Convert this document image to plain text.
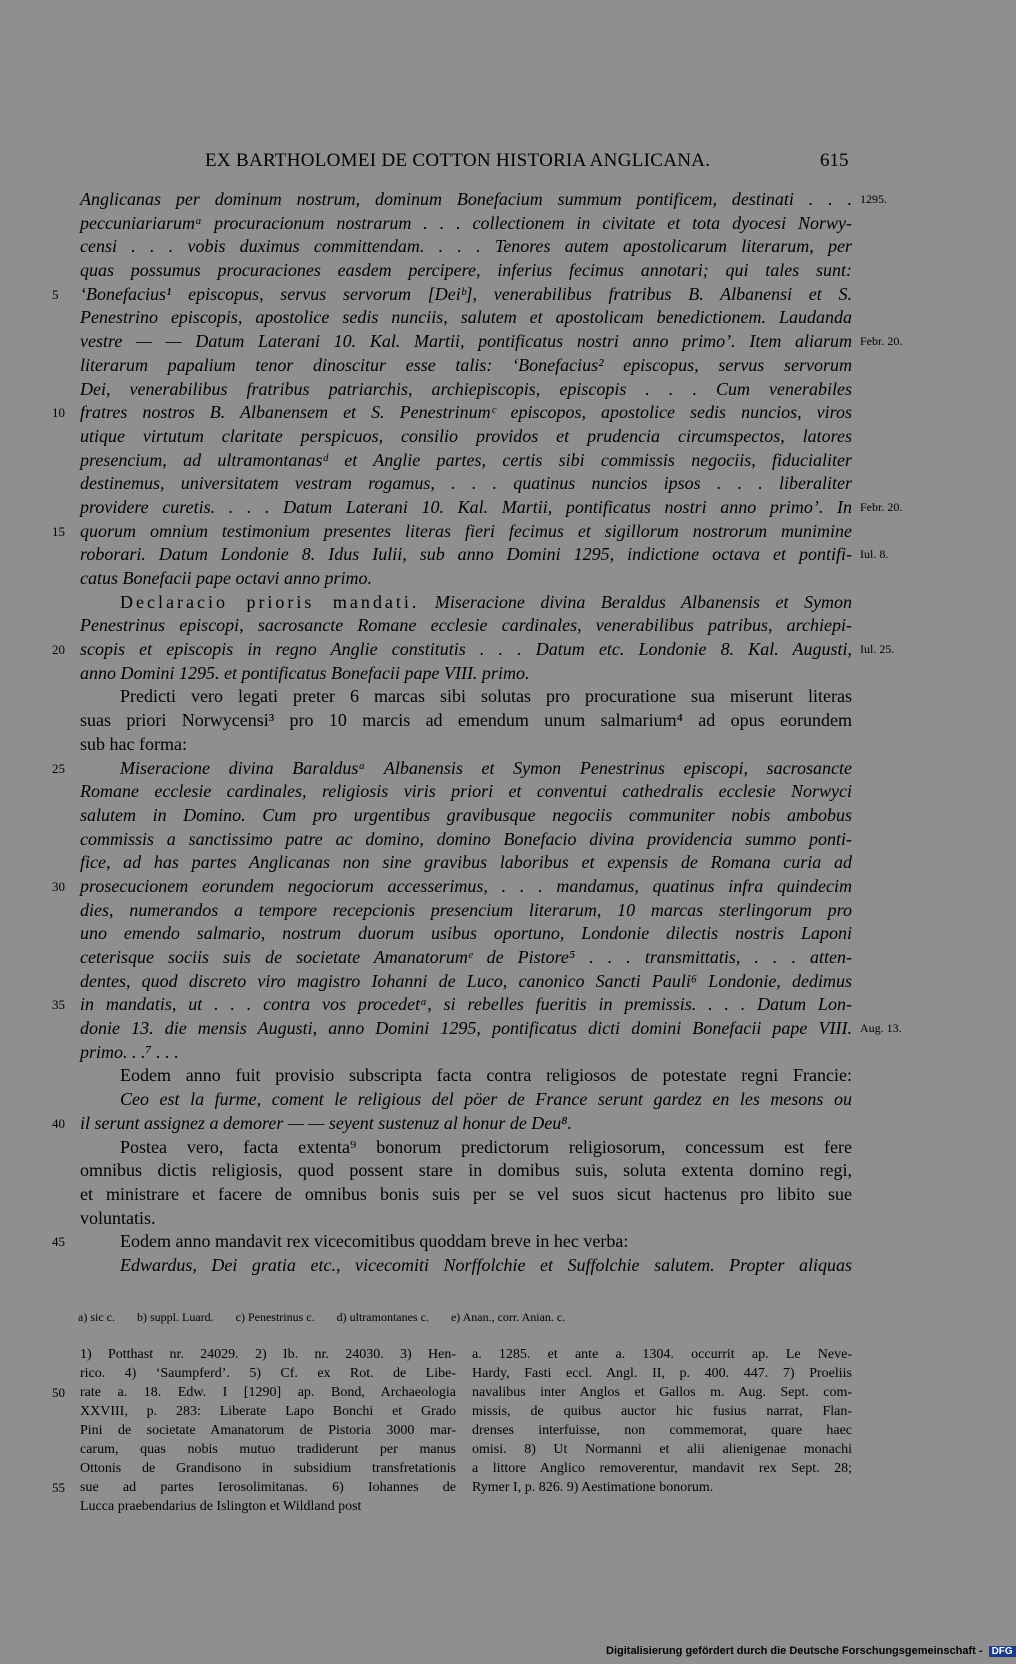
EX BARTHOLOMEI DE COTTON HISTORIA ANGLICANA.	615
Anglicanas per dominum nostrum, dominum Bonefacium summum pontificem, destinati . . . 1295.
peccuniariarumᵃ procuracionum nostrarum . . . collectionem in civitate et tota dyocesi Norwy-
censi . . . vobis duximus committendam. . . . Tenores autem apostolicarum literarum, per
quas possumus procuraciones easdem percipere, inferius fecimus annotari; qui tales sunt:
5	‘Bonefacius¹ episcopus, servus servorum [Deiᵇ], venerabilibus fratribus B. Albanensi et S.
Penestrino episcopis, apostolice sedis nunciis, salutem et apostolicam benedictionem. Laudanda
vestre — — Datum Laterani 10. Kal. Martii, pontificatus nostri anno primo’. Item aliarum Febr. 20.
literarum papalium tenor dinoscitur esse talis: ‘Bonefacius² episcopus, servus servorum
Dei, venerabilibus fratribus patriarchis, archiepiscopis, episcopis . . . Cum venerabiles
10 fratres nostros B. Albanensem et S. Penestrinumᶜ episcopos, apostolice sedis nuncios, viros
utique virtutum claritate perspicuos, consilio providos et prudencia circumspectos, latores
presencium, ad ultramontanasᵈ et Anglie partes, certis sibi commissis negociis, fiducialiter
destinemus, universitatem vestram rogamus, . . . quatinus nuncios ipsos . . . liberaliter
providere curetis. . . . Datum Laterani 10. Kal. Martii, pontificatus nostri anno primo’. In Febr. 20.
15 quorum omnium testimonium presentes literas fieri fecimus et sigillorum nostrorum munimine
roborari. Datum Londonie 8. Idus Iulii, sub anno Domini 1295, indictione octava et pontifi- Iul. 8.
catus Bonefacii pape octavi anno primo.
Declaracio prioris mandati. Miseracione divina Beraldus Albanensis et Symon
Penestrinus episcopi, sacrosancte Romane ecclesie cardinales, venerabilibus patribus, archiepi-
20 scopis et episcopis in regno Anglie constitutis . . . Datum etc. Londonie 8. Kal. Augusti, Iul. 25.
anno Domini 1295. et pontificatus Bonefacii pape VIII. primo.
Predicti vero legati preter 6 marcas sibi solutas pro procuratione sua miserunt literas
suas priori Norwycensi³ pro 10 marcis ad emendum unum salmarium⁴ ad opus eorundem
sub hac forma:
25	Miseracione divina Baraldusᵃ Albanensis et Symon Penestrinus episcopi, sacrosancte
Romane ecclesie cardinales, religiosis viris priori et conventui cathedralis ecclesie Norwyci
salutem in Domino. Cum pro urgentibus gravibusque negociis communiter nobis ambobus
commissis a sanctissimo patre ac domino, domino Bonefacio divina providencia summo ponti-
fice, ad has partes Anglicanas non sine gravibus laboribus et expensis de Romana curia ad
30 prosecucionem eorundem negociorum accesserimus, . . . mandamus, quatinus infra quindecim
dies, numerandos a tempore recepcionis presencium literarum, 10 marcas sterlingorum pro
uno emendo salmario, nostrum duorum usibus oportuno, Londonie dilectis nostris Laponi
ceterisque sociis suis de societate Amanatorumᵉ de Pistore⁵ . . . transmittatis, . . . atten-
dentes, quod discreto viro magistro Iohanni de Luco, canonico Sancti Pauli⁶ Londonie, dedimus
35 in mandatis, ut . . . contra vos procedetᵃ, si rebelles fueritis in premissis. . . . Datum Lon-
donie 13. die mensis Augusti, anno Domini 1295, pontificatus dicti domini Bonefacii pape VIII. Aug. 13.
primo. . .⁷ . . .
Eodem anno fuit provisio subscripta facta contra religiosos de potestate regni Francie:
Ceo est la furme, coment le religious del pöer de France serunt gardez en les mesons ou
40 il serunt assignez a demorer — — seyent sustenuz al honur de Deu⁸.
Postea vero, facta extenta⁹ bonorum predictorum religiosorum, concessum est fere
omnibus dictis religiosis, quod possent stare in domibus suis, soluta extenta domino regi,
et ministrare et facere de omnibus bonis suis per se vel suos sicut hactenus pro libito sue
voluntatis.
45	Eodem anno mandavit rex vicecomitibus quoddam breve in hec verba:
Edwardus, Dei gratia etc., vicecomiti Norffolchie et Suffolchie salutem. Propter aliquas
a) sic c. b) suppl. Luard. c) Penestrinus c. d) ultramontanes c. e) Anan., corr. Anian. c.
1) Potthast nr. 24029. 2) Ib. nr. 24030. 3) Hen-
rico. 4) ‘Saumpferd’. 5) Cf. ex Rot. de Libe-
50 rate a. 18. Edw. I [1290] ap. Bond, Archaeologia
XXVIII, p. 283: Liberate Lapo Bonchi et Grado
Pini de societate Amanatorum de Pistoria 3000 mar-
carum, quas nobis mutuo tradiderunt per manus
Ottonis de Grandisono in subsidium transfretationis
55 sue ad partes Ierosolimitanas. 6) Iohannes de
Lucca praebendarius de Islington et Wildland post
a. 1285. et ante a. 1304. occurrit ap. Le Neve-
Hardy, Fasti eccl. Angl. II, p. 400. 447. 7) Proeliis
navalibus inter Anglos et Gallos m. Aug. Sept. com-
missis, de quibus auctor hic fusius narrat, Flan-
drenses interfuisse, non commemorat, quare haec
omisi. 8) Ut Normanni et alii alienigenae monachi
a littore Anglico removerentur, mandavit rex Sept. 28;
Rymer I, p. 826. 9) Aestimatione bonorum.
Digitalisierung gefördert durch die Deutsche Forschungsgemeinschaft - DFG
